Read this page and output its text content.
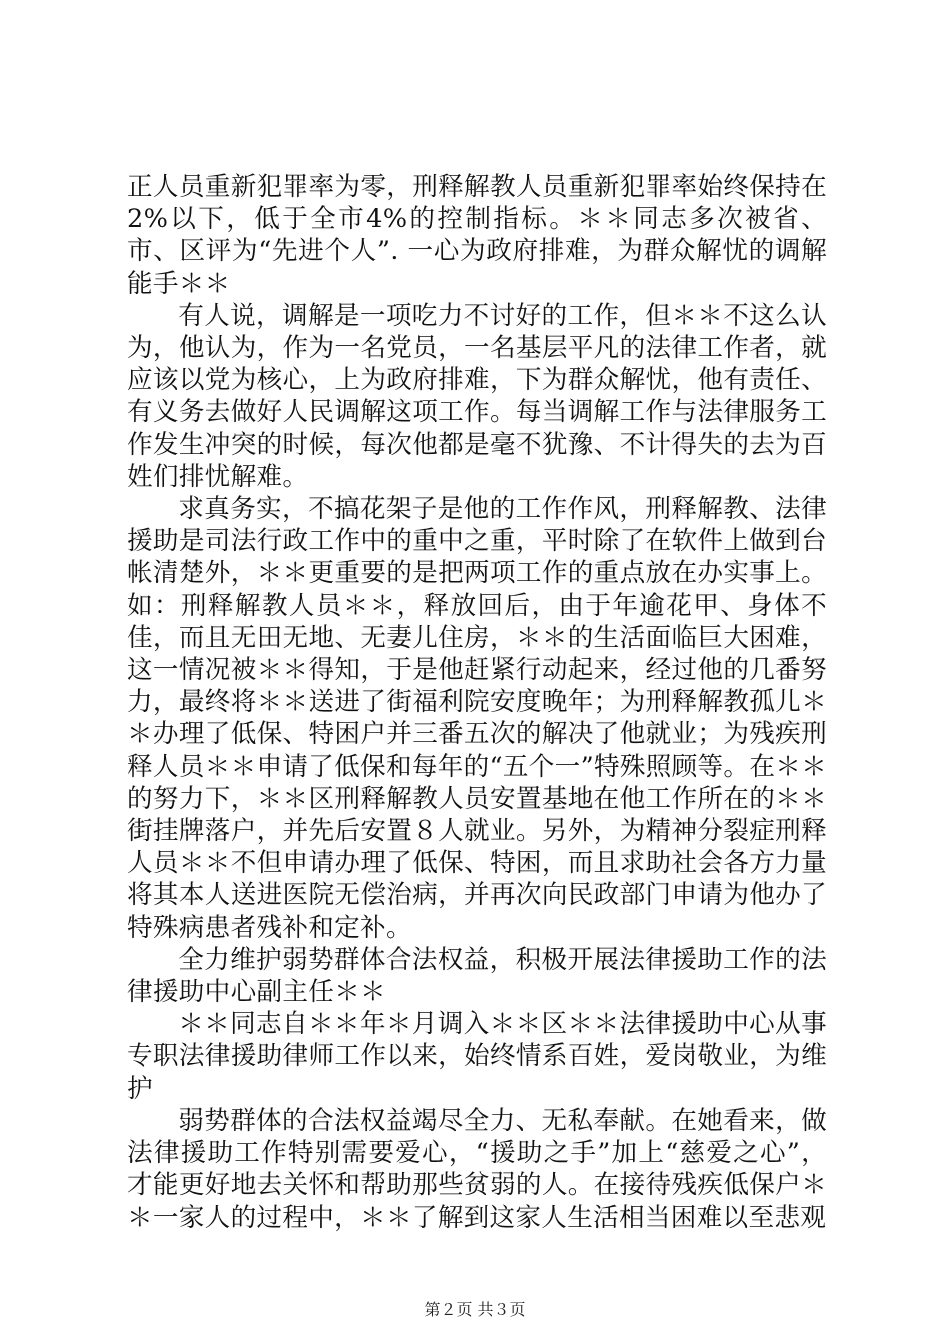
正人员重新犯罪率为零，刑释解教人员重新犯罪率始终保持在2%以下，低于全市4%的控制指标。＊＊同志多次被省、市、区评为“先进个人”. 一心为政府排难，为群众解忧的调解能手＊＊

有人说，调解是一项吃力不讨好的工作，但＊＊不这么认为，他认为，作为一名党员，一名基层平凡的法律工作者，就应该以党为核心，上为政府排难，下为群众解忧，他有责任、有义务去做好人民调解这项工作。每当调解工作与法律服务工作发生冲突的时候，每次他都是毫不犹豫、不计得失的去为百姓们排忧解难。

求真务实，不搞花架子是他的工作作风，刑释解教、法律援助是司法行政工作中的重中之重，平时除了在软件上做到台帐清楚外，＊＊更重要的是把两项工作的重点放在办实事上。如：刑释解教人员＊＊，释放回后，由于年逾花甲、身体不佳，而且无田无地、无妻儿住房，＊＊的生活面临巨大困难，这一情况被＊＊得知，于是他赶紧行动起来，经过他的几番努力，最终将＊＊送进了街福利院安度晚年；为刑释解教孤儿＊＊办理了低保、特困户并三番五次的解决了他就业；为残疾刑释人员＊＊申请了低保和每年的“五个一”特殊照顾等。在＊＊的努力下，＊＊区刑释解教人员安置基地在他工作所在的＊＊街挂牌落户，并先后安置８人就业。另外，为精神分裂症刑释人员＊＊不但申请办理了低保、特困，而且求助社会各方力量将其本人送进医院无偿治病，并再次向民政部门申请为他办了特殊病患者残补和定补。

全力维护弱势群体合法权益，积极开展法律援助工作的法律援助中心副主任＊＊

＊＊同志自＊＊年＊月调入＊＊区＊＊法律援助中心从事专职法律援助律师工作以来，始终情系百姓，爱岗敬业，为维护

弱势群体的合法权益竭尽全力、无私奉献。在她看来，做法律援助工作特别需要爱心，“援助之手”加上“慈爱之心”，才能更好地去关怀和帮助那些贫弱的人。在接待残疾低保户＊＊一家人的过程中，＊＊了解到这家人生活相当困难以至悲观

第２页 共３页
